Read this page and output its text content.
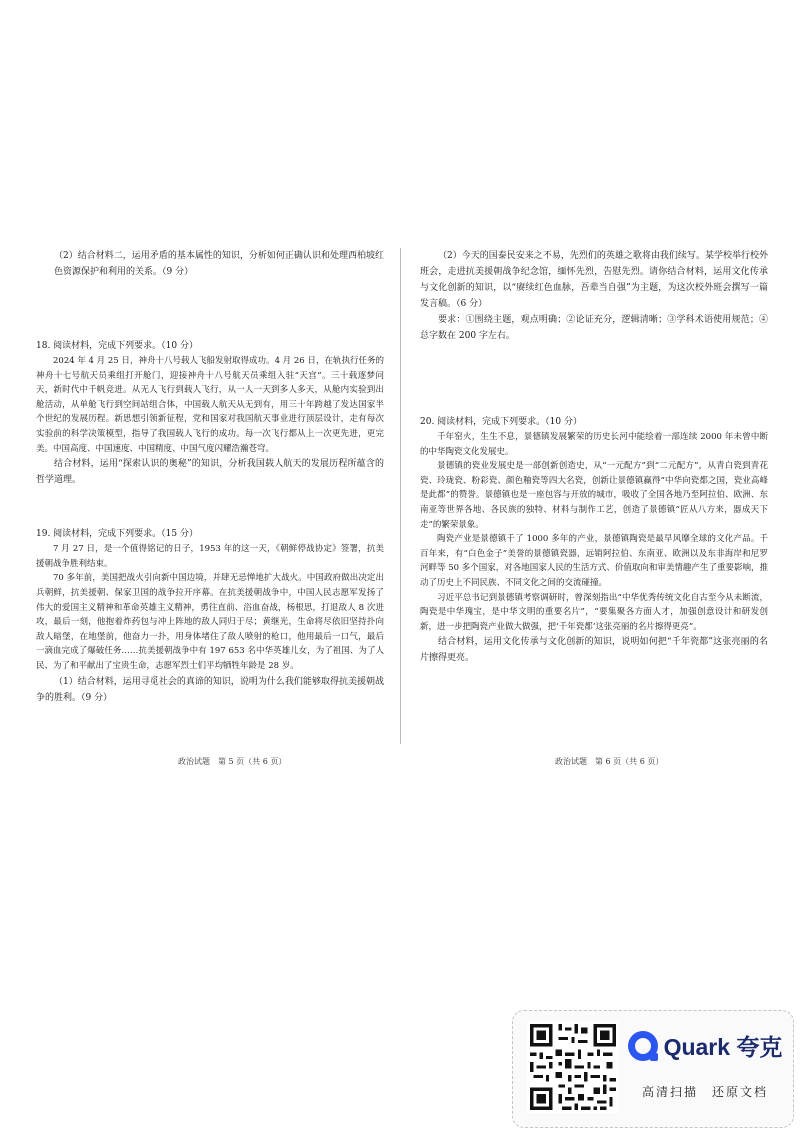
（2）结合材料二，运用矛盾的基本属性的知识，分析如何正确认识和处理西柏坡红色资源保护和利用的关系。（9 分）

18. 阅读材料，完成下列要求。（10 分）

2024 年 4 月 25 日，神舟十八号载人飞船发射取得成功。4 月 26 日，在轨执行任务的神舟十七号航天员乘组打开舱门，迎接神舟十八号航天员乘组入驻“天宫”。三十载逐梦问天，新时代中千帆竞进。从无人飞行到载人飞行，从一人一天到多人多天，从舱内实验到出舱活动，从单舱飞行到空间站组合体，中国载人航天从无到有，用三十年跨越了发达国家半个世纪的发展历程。新思想引领新征程，党和国家对我国航天事业进行顶层设计，走有每次实验前的科学决策模型，指导了我国载人飞行的成功。每一次飞行都从上一次更先进，更完美。中国高度、中国速度、中国精度、中国气度闪耀浩瀚苍穹。

结合材料，运用“探索认识的奥秘”的知识，分析我国载人航天的发展历程所蕴含的哲学道理。

19. 阅读材料，完成下列要求。（15 分）

7 月 27 日，是一个值得铭记的日子，1953 年的这一天，《朝鲜停战协定》签署，抗美援朝战争胜利结束。

70 多年前，美国把战火引向新中国边境，并肆无忌惮地扩大战火。中国政府做出决定出兵朝鲜，抗美援朝、保家卫国的战争拉开序幕。在抗美援朝战争中，中国人民志愿军发扬了伟大的爱国主义精神和革命英雄主义精神，勇往直前、浴血奋战，杨根思，打退敌人 8 次进攻，最后一刻，他抱着炸药包与冲上阵地的敌人同归于尽；黄继光，生命将尽依旧坚持扑向敌人暗堡，在地堡前，他奋力一扑，用身体堵住了敌人喷射的枪口，他用最后一口气，最后一滴血完成了爆破任务……抗美援朝战争中有 197 653 名中华英雄儿女，为了祖国、为了人民、为了和平献出了宝贵生命，志愿军烈士们平均牺牲年龄是 28 岁。

（1）结合材料，运用寻觅社会的真谛的知识，说明为什么我们能够取得抗美援朝战争的胜利。（9 分）

（2）今天的国泰民安来之不易，先烈们的英雄之歌将由我们续写。某学校举行校外班会，走进抗美援朝战争纪念馆，缅怀先烈，告慰先烈。请你结合材料，运用文化传承与文化创新的知识，以“赓续红色血脉，吾辈当自强”为主题，为这次校外班会撰写一篇发言稿。（6 分）

要求：①围绕主题，观点明确；②论证充分，逻辑清晰；③学科术语使用规范；④总字数在 200 字左右。

20. 阅读材料，完成下列要求。（10 分）

千年窑火，生生不息，景德镇发展繁荣的历史长河中能绘着一部连续 2000 年未曾中断的中华陶瓷文化发展史。

景德镇的瓷业发展史是一部创新创造史，从“一元配方”到“二元配方”，从青白瓷到青花瓷、玲珑瓷、粉彩瓷、颜色釉瓷等四大名瓷，创新让景德镇赢得“中华向瓷都之国，瓷业高峰是此都”的赞誉。景德镇也是一座包容与开放的城市，吸收了全国各地乃至阿拉伯、欧洲、东南亚等世界各地、各民族的独特、材料与制作工艺，创造了景德镇“匠从八方来，器成天下走”的繁荣景象。

陶瓷产业是景德镇千了 1000 多年的产业，景德镇陶瓷是最早风靡全球的文化产品。千百年来，有“白色金子”美誉的景德镇瓷器，远销阿拉伯、东南亚、欧洲以及东非海岸和尼罗河畔等 50 多个国家，对各地国家人民的生活方式、价值取向和审美情趣产生了重要影响，推动了历史上不同民族、不同文化之间的交流碰撞。

习近平总书记到景德镇考察调研时，曾深刻指出“中华优秀传统文化自古至今从未断流，陶瓷是中华瑰宝，是中华文明的重要名片”，“要集聚各方面人才，加强创意设计和研发创新，进一步把陶瓷产业做大做强，把‘千年瓷都’这张亮丽的名片擦得更亮”。

结合材料，运用文化传承与文化创新的知识，说明如何把“千年瓷都”这张亮丽的名片擦得更亮。

政治试题　第 5 页（共 6 页）	政治试题　第 6 页（共 6 页）
Quark 夸克
高清扫描　还原文档
